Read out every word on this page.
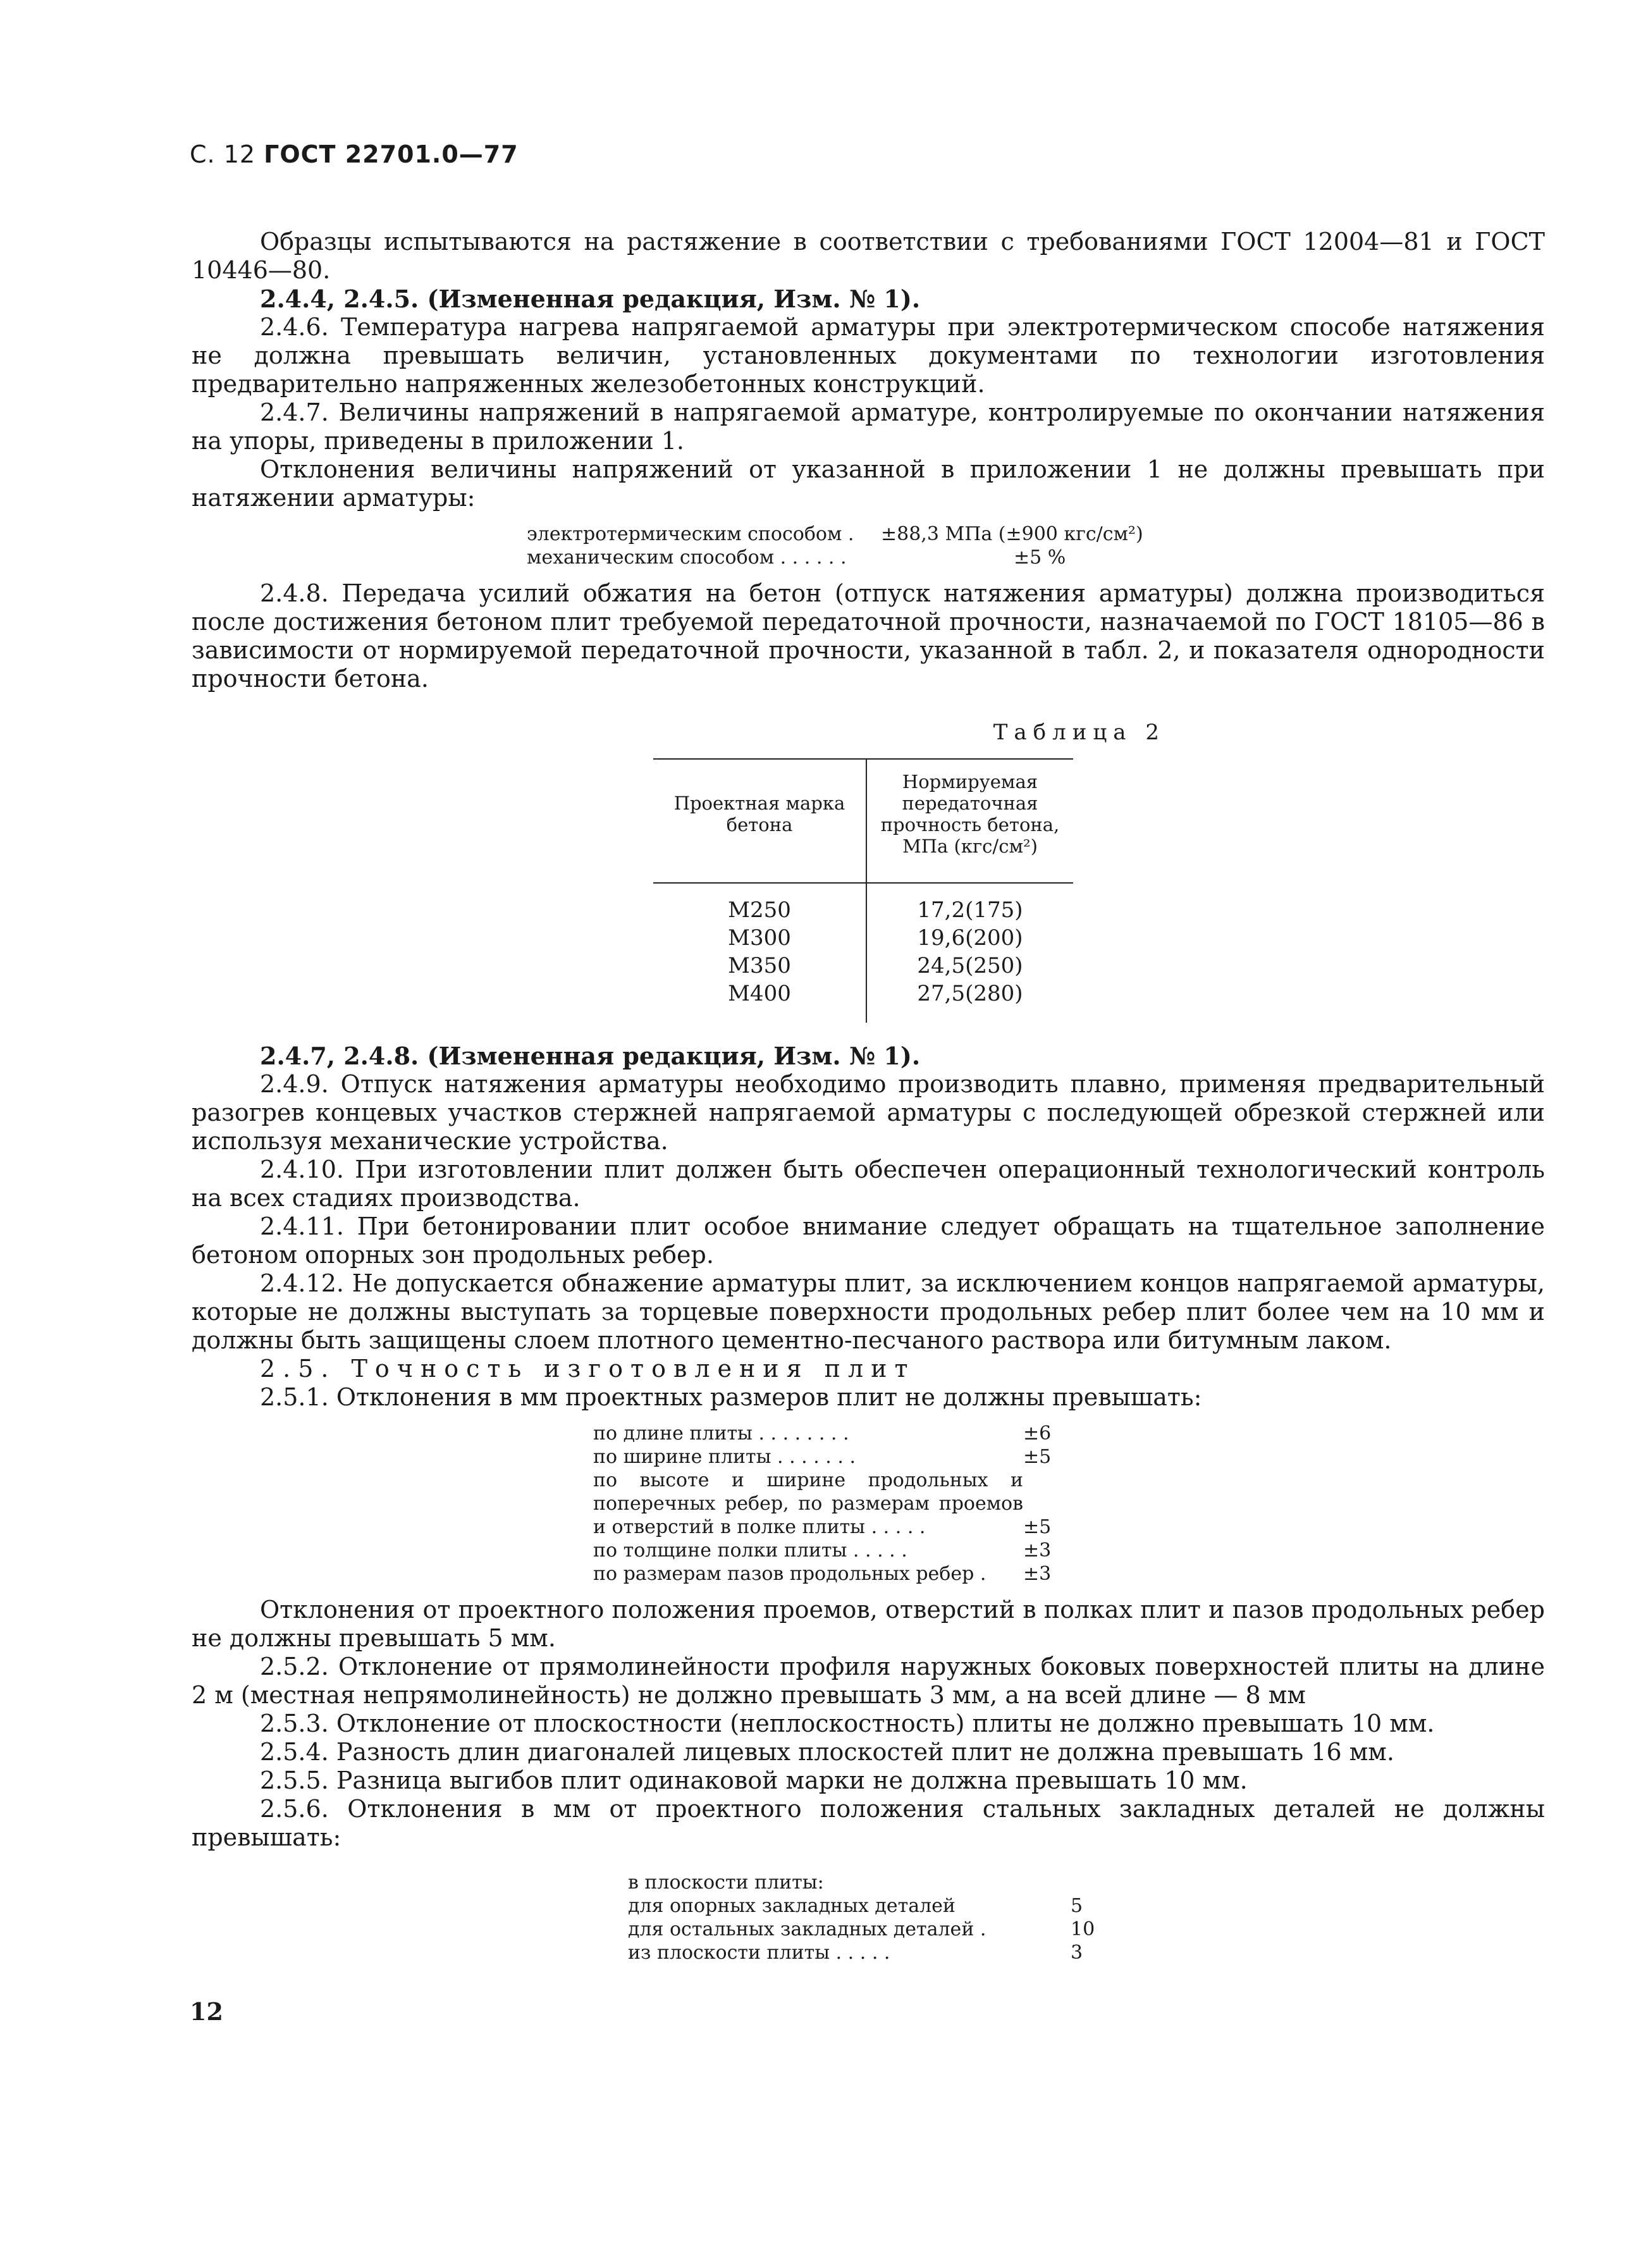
С. 12 ГОСТ 22701.0—77

Образцы испытываются на растяжение в соответствии с требованиями ГОСТ 12004—81 и ГОСТ 10446—80.

2.4.4, 2.4.5. (Измененная редакция, Изм. № 1).

2.4.6. Температура нагрева напрягаемой арматуры при электротермическом способе натяжения не должна превышать величин, установленных документами по технологии изготовления предварительно напряженных железобетонных конструкций.

2.4.7. Величины напряжений в напрягаемой арматуре, контролируемые по окончании натяжения на упоры, приведены в приложении 1.

Отклонения величины напряжений от указанной в приложении 1 не должны превышать при натяжении арматуры:

электротермическим способом .	±88,3 МПа (±900 кгс/см²)
механическим способом . . . . . .	±5 %

2.4.8. Передача усилий обжатия на бетон (отпуск натяжения арматуры) должна производиться после достижения бетоном плит требуемой передаточной прочности, назначаемой по ГОСТ 18105—86 в зависимости от нормируемой передаточной прочности, указанной в табл. 2, и показателя однородности прочности бетона.

Таблица 2
Проектная марка бетона	Нормируемая передаточная прочность бетона, МПа (кгс/см²)
М250	17,2(175)
М300	19,6(200)
М350	24,5(250)
М400	27,5(280)

2.4.7, 2.4.8. (Измененная редакция, Изм. № 1).

2.4.9. Отпуск натяжения арматуры необходимо производить плавно, применяя предварительный разогрев концевых участков стержней напрягаемой арматуры с последующей обрезкой стержней или используя механические устройства.

2.4.10. При изготовлении плит должен быть обеспечен операционный технологический контроль на всех стадиях производства.

2.4.11. При бетонировании плит особое внимание следует обращать на тщательное заполнение бетоном опорных зон продольных ребер.

2.4.12. Не допускается обнажение арматуры плит, за исключением концов напрягаемой арматуры, которые не должны выступать за торцевые поверхности продольных ребер плит более чем на 10 мм и должны быть защищены слоем плотного цементно-песчаного раствора или битумным лаком.

2.5. Точность изготовления плит

2.5.1. Отклонения в мм проектных размеров плит не должны превышать:

по длине плиты . . . . . . . .	±6
по ширине плиты . . . . . . .	±5
по высоте и ширине продольных и поперечных ребер, по размерам проемов и отверстий в полке плиты . . . . .	±5
по толщине полки плиты . . . . .	±3
по размерам пазов продольных ребер .	±3

Отклонения от проектного положения проемов, отверстий в полках плит и пазов продольных ребер не должны превышать 5 мм.

2.5.2. Отклонение от прямолинейности профиля наружных боковых поверхностей плиты на длине 2 м (местная непрямолинейность) не должно превышать 3 мм, а на всей длине — 8 мм

2.5.3. Отклонение от плоскостности (неплоскостность) плиты не должно превышать 10 мм.

2.5.4. Разность длин диагоналей лицевых плоскостей плит не должна превышать 16 мм.

2.5.5. Разница выгибов плит одинаковой марки не должна превышать 10 мм.

2.5.6. Отклонения в мм от проектного положения стальных закладных деталей не должны превышать:

в плоскости плиты:
для опорных закладных деталей	5
для остальных закладных деталей .	10
из плоскости плиты . . . . .	3
12
